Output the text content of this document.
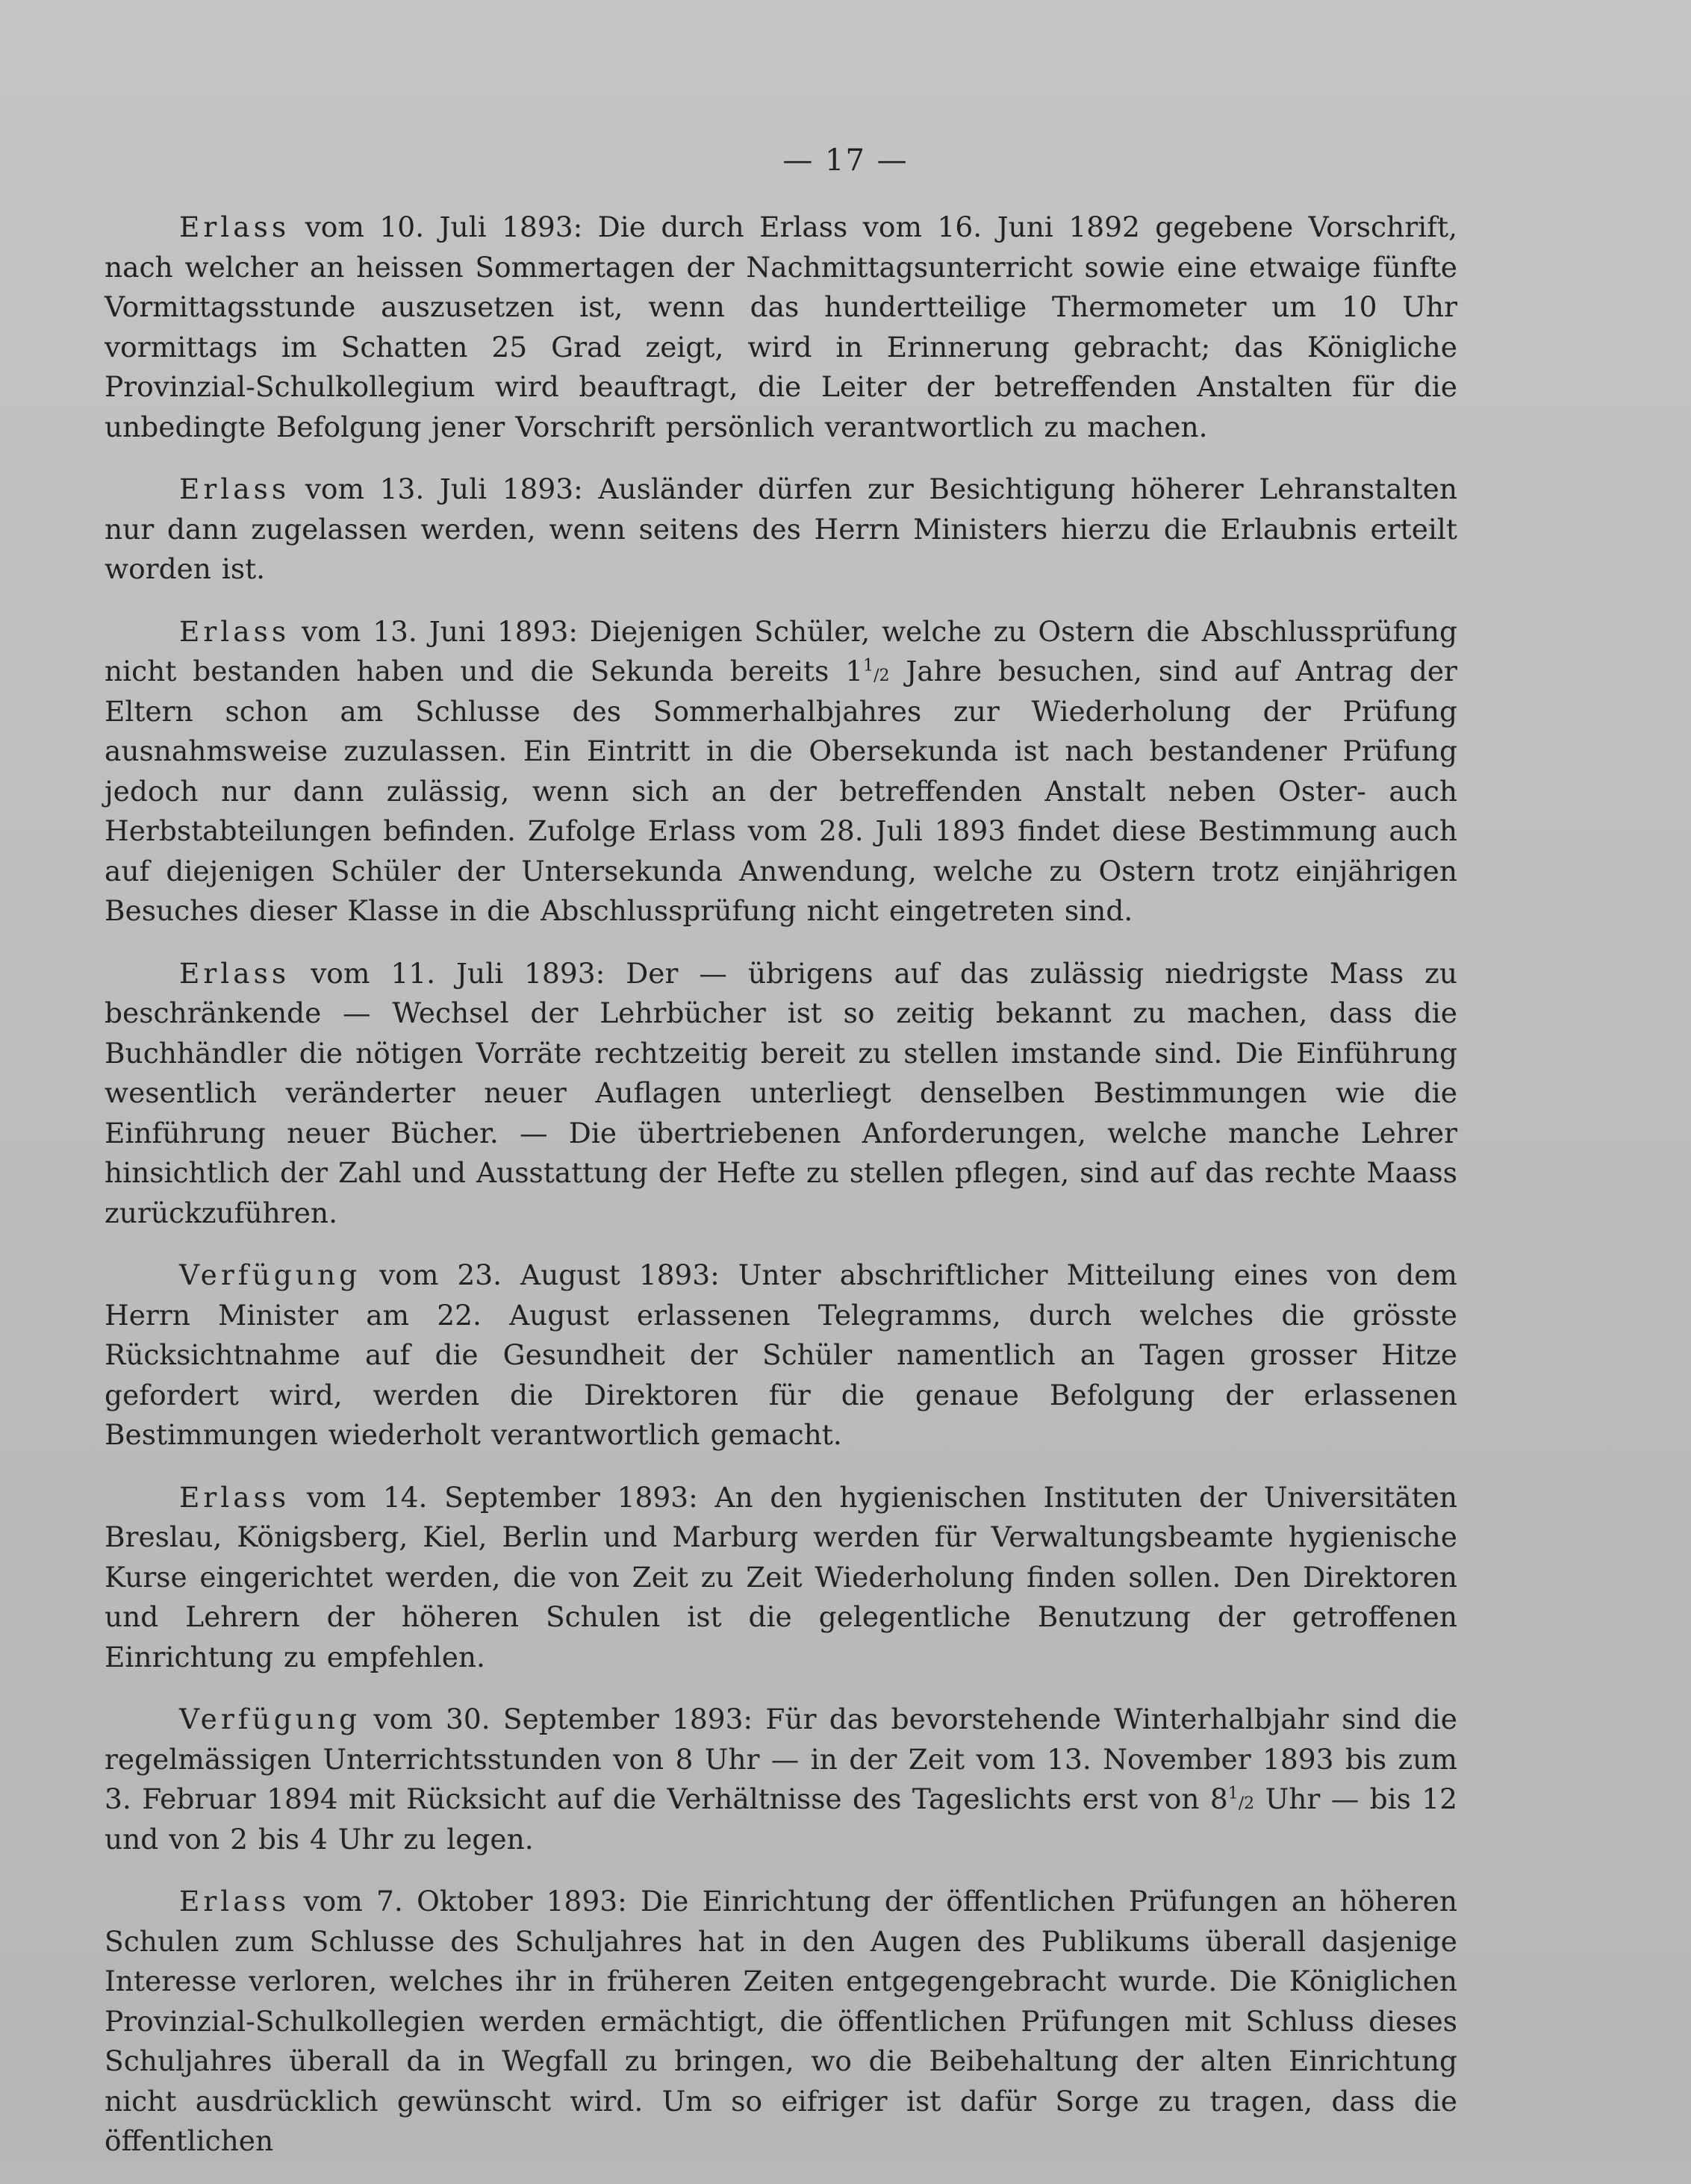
— 17 —

Erlass vom 10. Juli 1893: Die durch Erlass vom 16. Juni 1892 gegebene Vorschrift, nach welcher an heissen Sommertagen der Nachmittagsunterricht sowie eine etwaige fünfte Vormittagsstunde auszusetzen ist, wenn das hundertteilige Thermometer um 10 Uhr vormittags im Schatten 25 Grad zeigt, wird in Erinnerung gebracht; das Königliche Provinzial-Schulkollegium wird beauftragt, die Leiter der betreffenden Anstalten für die unbedingte Befolgung jener Vorschrift persönlich verantwortlich zu machen.

Erlass vom 13. Juli 1893: Ausländer dürfen zur Besichtigung höherer Lehranstalten nur dann zugelassen werden, wenn seitens des Herrn Ministers hierzu die Erlaubnis erteilt worden ist.

Erlass vom 13. Juni 1893: Diejenigen Schüler, welche zu Ostern die Abschlussprüfung nicht bestanden haben und die Sekunda bereits $1^1/2$ Jahre besuchen, sind auf Antrag der Eltern schon am Schlusse des Sommerhalbjahres zur Wiederholung der Prüfung ausnahmsweise zuzulassen. Ein Eintritt in die Obersekunda ist nach bestandener Prüfung jedoch nur dann zulässig, wenn sich an der betreffenden Anstalt neben Oster- auch Herbstabteilungen befinden. Zufolge Erlass vom 28. Juli 1893 findet diese Bestimmung auch auf diejenigen Schüler der Untersekunda Anwendung, welche zu Ostern trotz einjährigen Besuches dieser Klasse in die Abschlussprüfung nicht eingetreten sind.

Erlass vom 11. Juli 1893: Der — übrigens auf das zulässig niedrigste Mass zu beschränkende — Wechsel der Lehrbücher ist so zeitig bekannt zu machen, dass die Buchhändler die nötigen Vorräte rechtzeitig bereit zu stellen imstande sind. Die Einführung wesentlich veränderter neuer Auflagen unterliegt denselben Bestimmungen wie die Einführung neuer Bücher. — Die übertriebenen Anforderungen, welche manche Lehrer hinsichtlich der Zahl und Ausstattung der Hefte zu stellen pflegen, sind auf das rechte Maass zurückzuführen.

Verfügung vom 23. August 1893: Unter abschriftlicher Mitteilung eines von dem Herrn Minister am 22. August erlassenen Telegramms, durch welches die grösste Rücksichtnahme auf die Gesundheit der Schüler namentlich an Tagen grosser Hitze gefordert wird, werden die Direktoren für die genaue Befolgung der erlassenen Bestimmungen wiederholt verantwortlich gemacht.

Erlass vom 14. September 1893: An den hygienischen Instituten der Universitäten Breslau, Königsberg, Kiel, Berlin und Marburg werden für Verwaltungsbeamte hygienische Kurse eingerichtet werden, die von Zeit zu Zeit Wiederholung finden sollen. Den Direktoren und Lehrern der höheren Schulen ist die gelegentliche Benutzung der getroffenen Einrichtung zu empfehlen.

Verfügung vom 30. September 1893: Für das bevorstehende Winterhalbjahr sind die regelmässigen Unterrichtsstunden von 8 Uhr — in der Zeit vom 13. November 1893 bis zum 3. Februar 1894 mit Rücksicht auf die Verhältnisse des Tageslichts erst von $8^1/2$ Uhr — bis 12 und von 2 bis 4 Uhr zu legen.

Erlass vom 7. Oktober 1893: Die Einrichtung der öffentlichen Prüfungen an höheren Schulen zum Schlusse des Schuljahres hat in den Augen des Publikums überall dasjenige Interesse verloren, welches ihr in früheren Zeiten entgegengebracht wurde. Die Königlichen Provinzial-Schulkollegien werden ermächtigt, die öffentlichen Prüfungen mit Schluss dieses Schuljahres überall da in Wegfall zu bringen, wo die Beibehaltung der alten Einrichtung nicht ausdrücklich gewünscht wird. Um so eifriger ist dafür Sorge zu tragen, dass die öffentlichen
